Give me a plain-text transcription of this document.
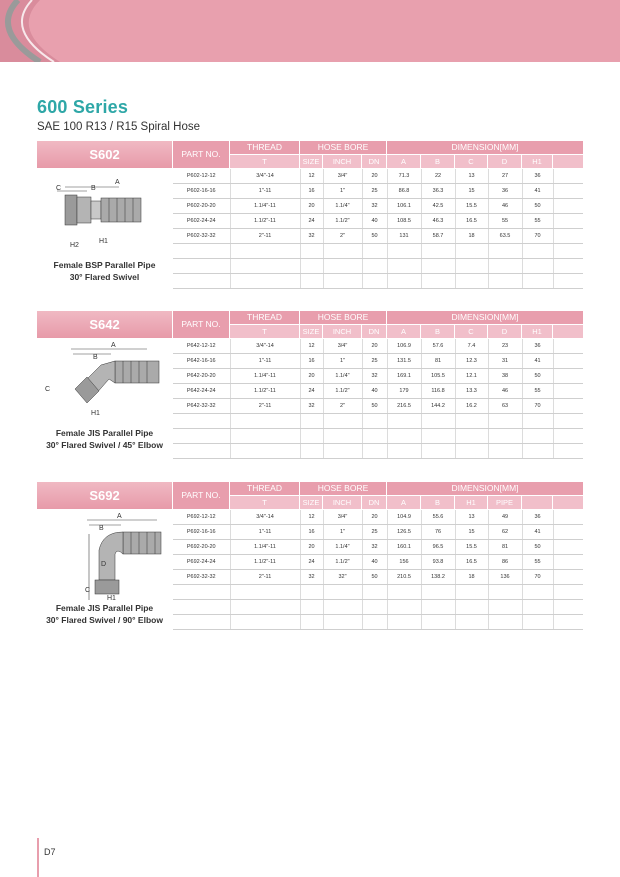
600 Series
SAE 100 R13 / R15 Spiral Hose
S602	PART NO.
THREAD	HOSE BORE	DIMENSION[MM]
T	SIZE	INCH	DN	A	B	C	D	H1
A
B
C
H2
H1
Female BSP Parallel Pipe
30° Flared Swivel
P602-12-12	3/4"-14	12	3/4"	20	71.3	22	13	27	36	
P602-16-16	1"-11	16	1"	25	86.8	36.3	15	36	41	
P602-20-20	1.1/4"-11	20	1.1/4"	32	106.1	42.5	15.5	46	50	
P602-24-24	1.1/2"-11	24	1.1/2"	40	108.5	46.3	16.5	55	55	
P602-32-32	2"-11	32	2"	50	131	58.7	18	63.5	70	

S642	PART NO.
THREAD	HOSE BORE	DIMENSION[MM]
T	SIZE	INCH	DN	A	B	C	D	H1
A
B
C
H1
Female JIS Parallel Pipe
30° Flared Swivel / 45° Elbow
P642-12-12	3/4"-14	12	3/4"	20	106.9	57.6	7.4	23	36	
P642-16-16	1"-11	16	1"	25	131.5	81	12.3	31	41	
P642-20-20	1.1/4"-11	20	1.1/4"	32	169.1	105.5	12.1	38	50	
P642-24-24	1.1/2"-11	24	1.1/2"	40	179	116.8	13.3	46	55	
P642-32-32	2"-11	32	2"	50	216.5	144.2	16.2	63	70	

S692	PART NO.
THREAD	HOSE BORE	DIMENSION[MM]
T	SIZE	INCH	DN	A	B	H1	PIPE
A
B
D
C
H1
Female JIS Parallel Pipe
30° Flared Swivel / 90° Elbow
P692-12-12	3/4"-14	12	3/4"	20	104.9	55.6	13	49	36	
P692-16-16	1"-11	16	1"	25	126.5	76	15	62	41	
P692-20-20	1.1/4"-11	20	1.1/4"	32	160.1	96.5	15.5	81	50	
P692-24-24	1.1/2"-11	24	1.1/2"	40	156	93.8	16.5	86	55	
P692-32-32	2"-11	32	32"	50	210.5	138.2	18	136	70	

D7
